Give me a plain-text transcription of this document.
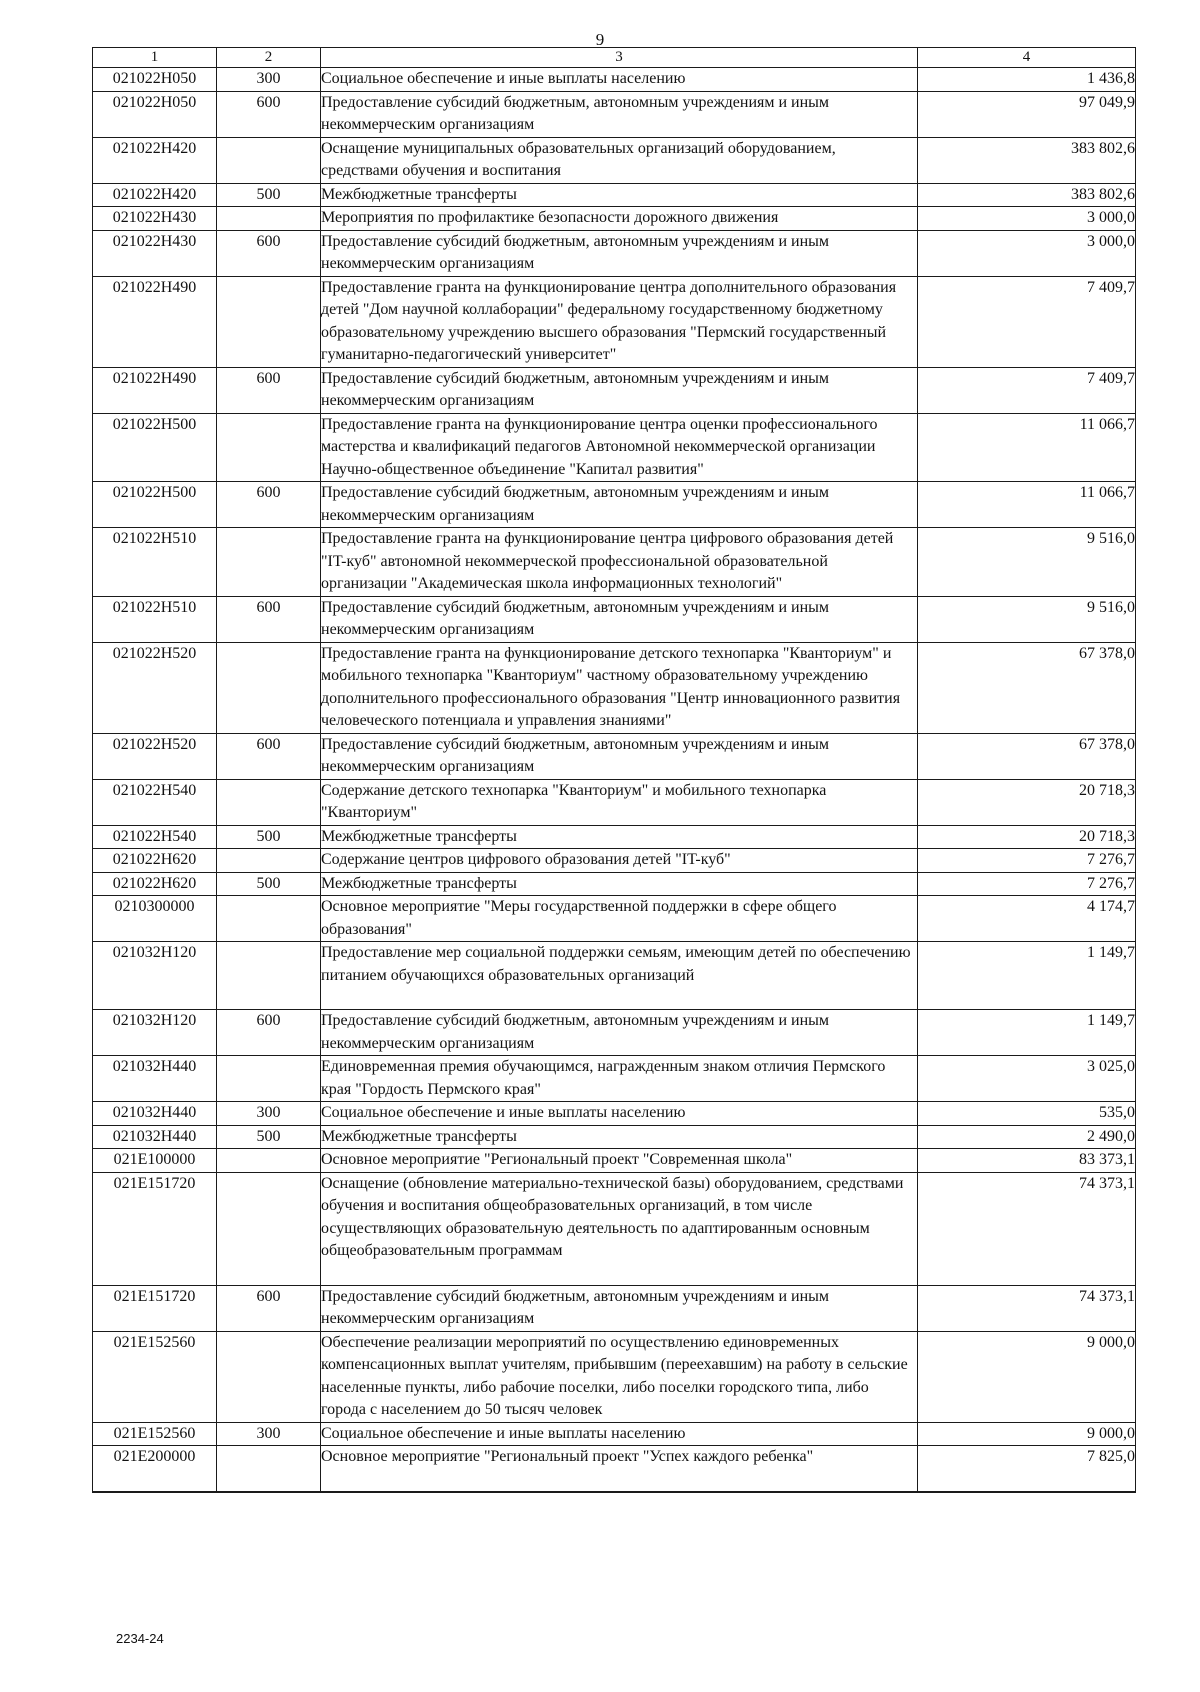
9
1	2	3	4
021022Н050	300	Социальное обеспечение и иные выплаты населению	1 436,8
021022Н050	600	Предоставление субсидий бюджетным, автономным учреждениям и иным некоммерческим организациям	97 049,9
021022Н420		Оснащение муниципальных образовательных организаций оборудованием, средствами обучения и воспитания	383 802,6
021022Н420	500	Межбюджетные трансферты	383 802,6
021022Н430		Мероприятия по профилактике безопасности дорожного движения	3 000,0
021022Н430	600	Предоставление субсидий бюджетным, автономным учреждениям и иным некоммерческим организациям	3 000,0
021022Н490		Предоставление гранта на функционирование центра дополнительного образования детей "Дом научной коллаборации" федеральному государственному бюджетному образовательному учреждению высшего образования "Пермский государственный гуманитарно-педагогический университет"	7 409,7
021022Н490	600	Предоставление субсидий бюджетным, автономным учреждениям и иным некоммерческим организациям	7 409,7
021022Н500		Предоставление гранта на функционирование центра оценки профессионального мастерства и квалификаций педагогов Автономной некоммерческой организации Научно-общественное объединение "Капитал развития"	11 066,7
021022Н500	600	Предоставление субсидий бюджетным, автономным учреждениям и иным некоммерческим организациям	11 066,7
021022Н510		Предоставление гранта на функционирование центра цифрового образования детей "IT-куб" автономной некоммерческой профессиональной образовательной организации "Академическая школа информационных технологий"	9 516,0
021022Н510	600	Предоставление субсидий бюджетным, автономным учреждениям и иным некоммерческим организациям	9 516,0
021022Н520		Предоставление гранта на функционирование детского технопарка "Кванториум" и мобильного технопарка "Кванториум" частному образовательному учреждению дополнительного профессионального образования "Центр инновационного развития человеческого потенциала и управления знаниями"	67 378,0
021022Н520	600	Предоставление субсидий бюджетным, автономным учреждениям и иным некоммерческим организациям	67 378,0
021022Н540		Содержание детского технопарка "Кванториум" и мобильного технопарка "Кванториум"	20 718,3
021022Н540	500	Межбюджетные трансферты	20 718,3
021022Н620		Содержание центров цифрового образования детей "IT-куб"	7 276,7
021022Н620	500	Межбюджетные трансферты	7 276,7
0210300000		Основное мероприятие "Меры государственной поддержки в сфере общего образования"	4 174,7
021032Н120		Предоставление мер социальной поддержки семьям, имеющим детей по обеспечению питанием обучающихся образовательных организаций	1 149,7
021032Н120	600	Предоставление субсидий бюджетным, автономным учреждениям и иным некоммерческим организациям	1 149,7
021032Н440		Единовременная премия обучающимся, награжденным знаком отличия Пермского края "Гордость Пермского края"	3 025,0
021032Н440	300	Социальное обеспечение и иные выплаты населению	535,0
021032Н440	500	Межбюджетные трансферты	2 490,0
021Е100000		Основное мероприятие "Региональный проект "Современная школа"	83 373,1
021Е151720		Оснащение (обновление материально-технической базы) оборудованием, средствами обучения и воспитания общеобразовательных организаций, в том числе осуществляющих образовательную деятельность по адаптированным основным общеобразовательным программам	74 373,1
021Е151720	600	Предоставление субсидий бюджетным, автономным учреждениям и иным некоммерческим организациям	74 373,1
021Е152560		Обеспечение реализации мероприятий по осуществлению единовременных компенсационных выплат учителям, прибывшим (переехавшим) на работу в сельские населенные пункты, либо рабочие поселки, либо поселки городского типа, либо города с населением до 50 тысяч человек	9 000,0
021Е152560	300	Социальное обеспечение и иные выплаты населению	9 000,0
021Е200000		Основное мероприятие "Региональный проект "Успех каждого ребенка"	7 825,0
2234-24
